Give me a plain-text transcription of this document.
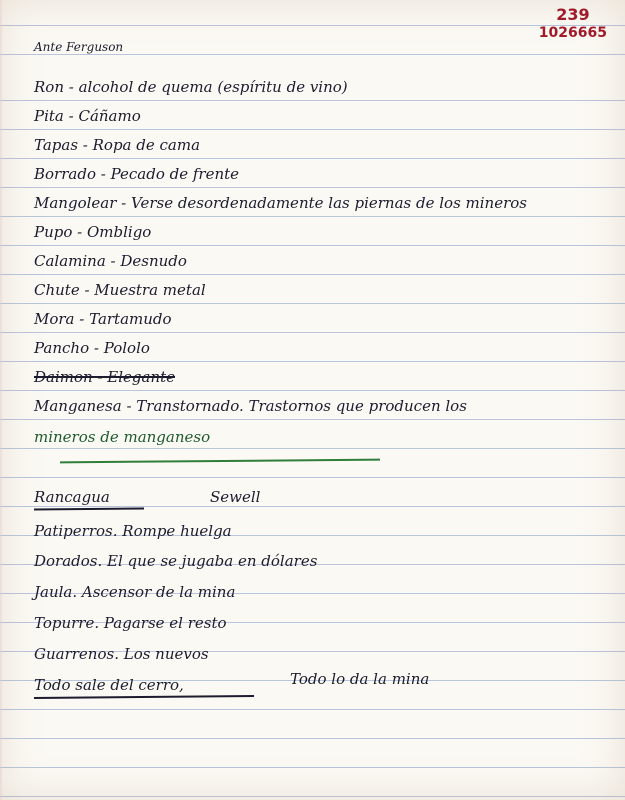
239
1026665
Ante Ferguson
Ron - alcohol de quema (espíritu de vino)
Pita - Cáñamo
Tapas - Ropa de cama
Borrado - Pecado de frente
Mangolear - Verse desordenadamente las piernas de los mineros
Pupo - Ombligo
Calamina - Desnudo
Chute - Muestra metal
Mora - Tartamudo
Pancho - Pololo
Daimon - Elegante
Manganesa - Transtornado. Trastornos que producen los
mineros de manganeso
Rancagua	Sewell
Patiperros. Rompe huelga
Dorados. El que se jugaba en dólares
Jaula. Ascensor de la mina
Topurre. Pagarse el resto
Guarrenos. Los nuevos
Todo sale del cerro,	Todo lo da la mina
